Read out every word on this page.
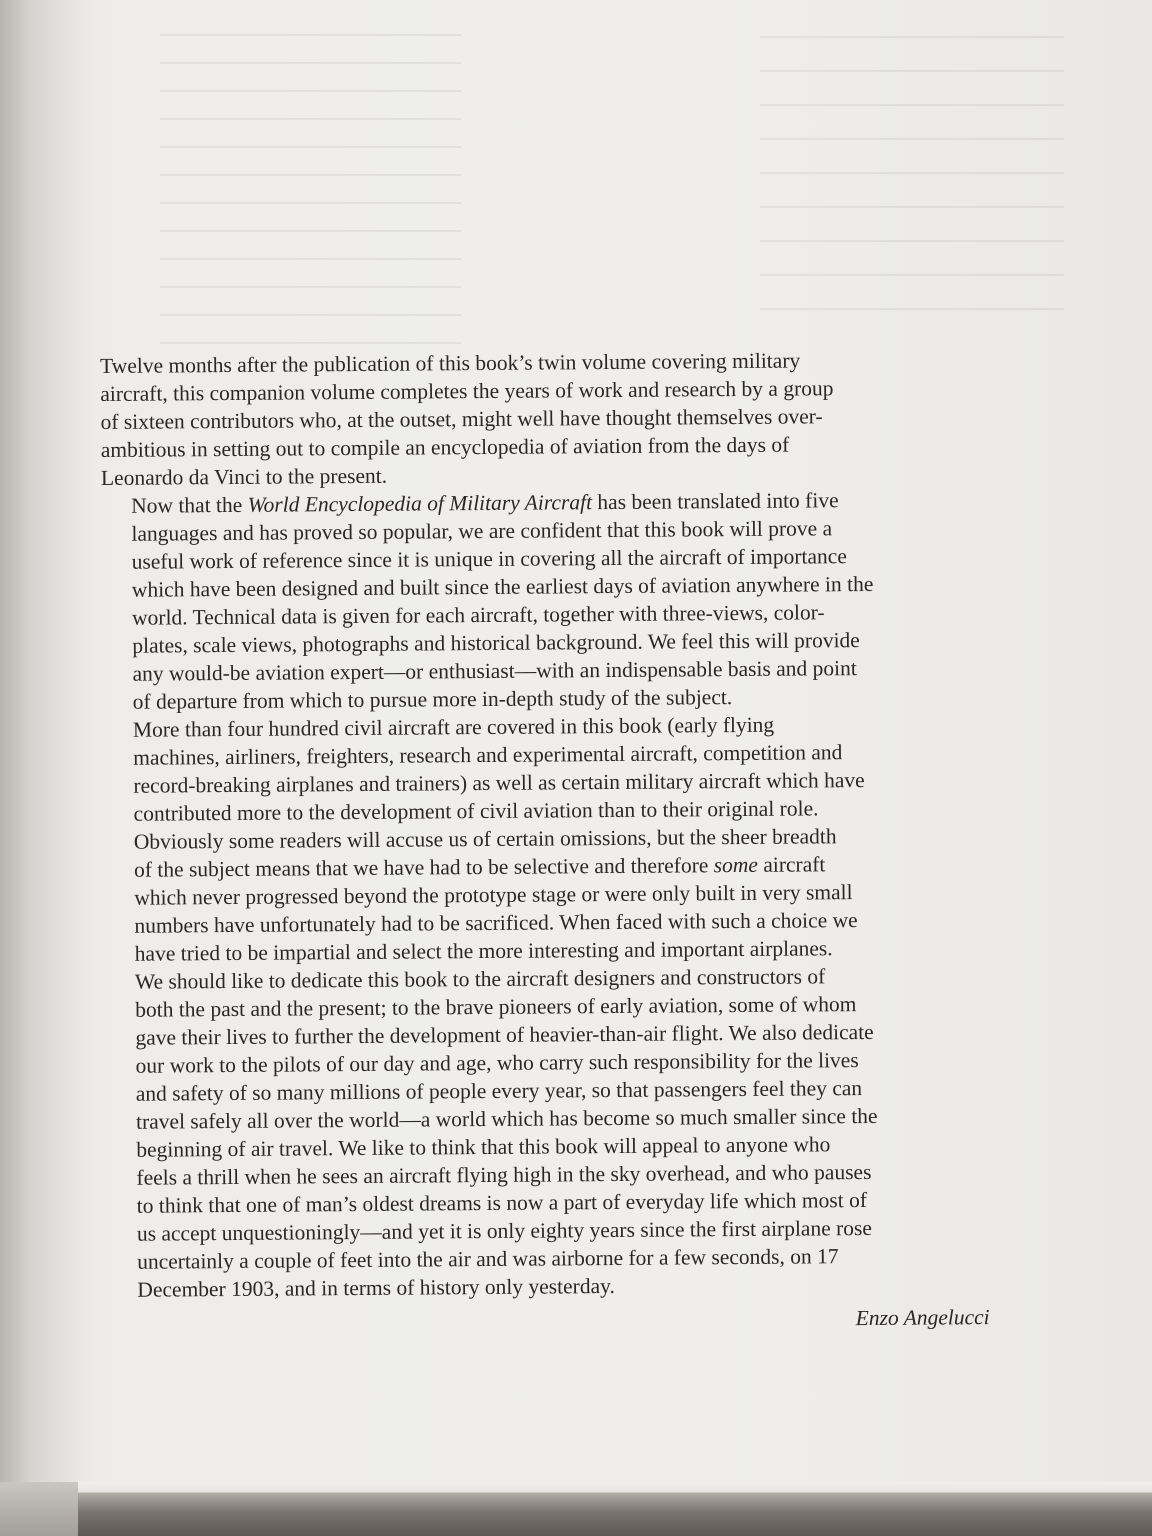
Twelve months after the publication of this book’s twin volume covering military
aircraft, this companion volume completes the years of work and research by a group
of sixteen contributors who, at the outset, might well have thought themselves over-
ambitious in setting out to compile an encyclopedia of aviation from the days of
Leonardo da Vinci to the present.

Now that the World Encyclopedia of Military Aircraft has been translated into five
languages and has proved so popular, we are confident that this book will prove a
useful work of reference since it is unique in covering all the aircraft of importance
which have been designed and built since the earliest days of aviation anywhere in the
world. Technical data is given for each aircraft, together with three-views, color-
plates, scale views, photographs and historical background. We feel this will provide
any would-be aviation expert—or enthusiast—with an indispensable basis and point
of departure from which to pursue more in-depth study of the subject.

More than four hundred civil aircraft are covered in this book (early flying
machines, airliners, freighters, research and experimental aircraft, competition and
record-breaking airplanes and trainers) as well as certain military aircraft which have
contributed more to the development of civil aviation than to their original role.

Obviously some readers will accuse us of certain omissions, but the sheer breadth
of the subject means that we have had to be selective and therefore some aircraft
which never progressed beyond the prototype stage or were only built in very small
numbers have unfortunately had to be sacrificed. When faced with such a choice we
have tried to be impartial and select the more interesting and important airplanes.

We should like to dedicate this book to the aircraft designers and constructors of
both the past and the present; to the brave pioneers of early aviation, some of whom
gave their lives to further the development of heavier-than-air flight. We also dedicate
our work to the pilots of our day and age, who carry such responsibility for the lives
and safety of so many millions of people every year, so that passengers feel they can
travel safely all over the world—a world which has become so much smaller since the
beginning of air travel. We like to think that this book will appeal to anyone who
feels a thrill when he sees an aircraft flying high in the sky overhead, and who pauses
to think that one of man’s oldest dreams is now a part of everyday life which most of
us accept unquestioningly—and yet it is only eighty years since the first airplane rose
uncertainly a couple of feet into the air and was airborne for a few seconds, on 17
December 1903, and in terms of history only yesterday.

Enzo Angelucci
